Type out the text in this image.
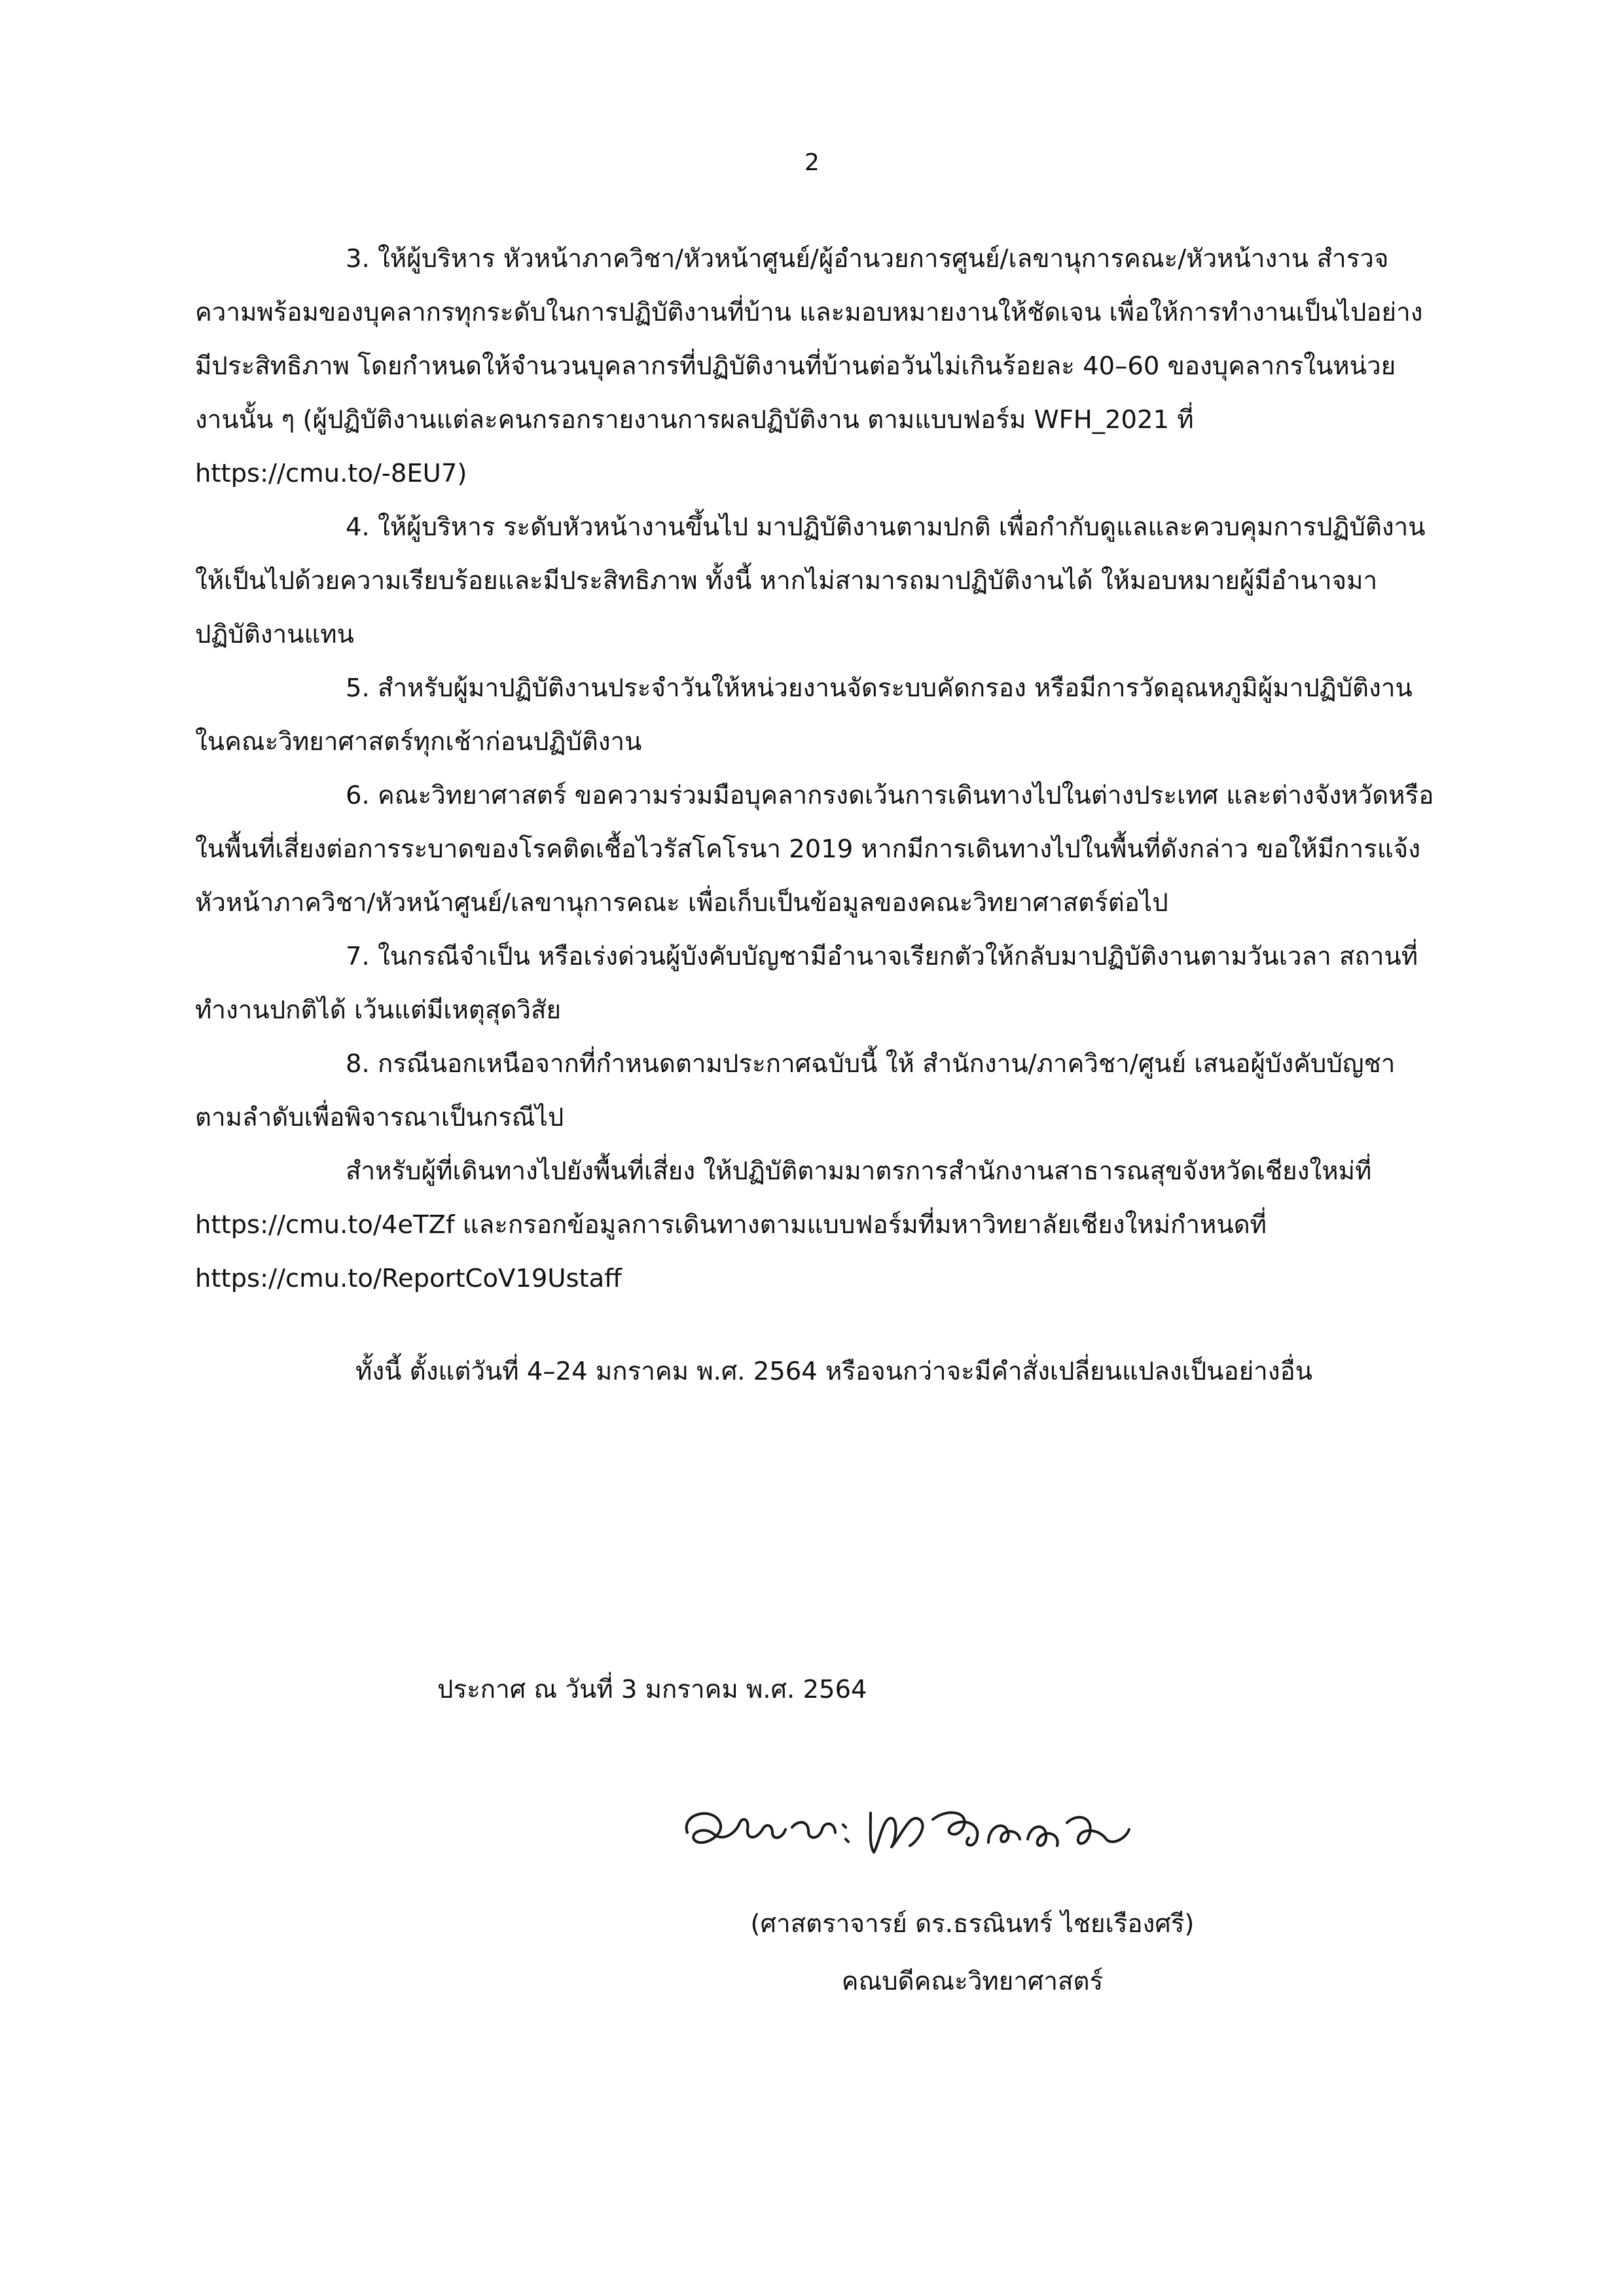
2

3. ให้ผู้บริหาร หัวหน้าภาควิชา/หัวหน้าศูนย์/ผู้อำนวยการศูนย์/เลขานุการคณะ/หัวหน้างาน สำรวจความพร้อมของบุคลากรทุกระดับในการปฏิบัติงานที่บ้าน และมอบหมายงานให้ชัดเจน เพื่อให้การทำงานเป็นไปอย่างมีประสิทธิภาพ โดยกำหนดให้จำนวนบุคลากรที่ปฏิบัติงานที่บ้านต่อวันไม่เกินร้อยละ 40–60 ของบุคลากรในหน่วยงานนั้น ๆ (ผู้ปฏิบัติงานแต่ละคนกรอกรายงานการผลปฏิบัติงาน ตามแบบฟอร์ม WFH_2021 ที่ https://cmu.to/-8EU7)

4. ให้ผู้บริหาร ระดับหัวหน้างานขึ้นไป มาปฏิบัติงานตามปกติ เพื่อกำกับดูแลและควบคุมการปฏิบัติงานให้เป็นไปด้วยความเรียบร้อยและมีประสิทธิภาพ ทั้งนี้ หากไม่สามารถมาปฏิบัติงานได้ ให้มอบหมายผู้มีอำนาจมาปฏิบัติงานแทน

5. สำหรับผู้มาปฏิบัติงานประจำวันให้หน่วยงานจัดระบบคัดกรอง หรือมีการวัดอุณหภูมิผู้มาปฏิบัติงานในคณะวิทยาศาสตร์ทุกเช้าก่อนปฏิบัติงาน

6. คณะวิทยาศาสตร์ ขอความร่วมมือบุคลากรงดเว้นการเดินทางไปในต่างประเทศ และต่างจังหวัดหรือในพื้นที่เสี่ยงต่อการระบาดของโรคติดเชื้อไวรัสโคโรนา 2019 หากมีการเดินทางไปในพื้นที่ดังกล่าว ขอให้มีการแจ้งหัวหน้าภาควิชา/หัวหน้าศูนย์/เลขานุการคณะ เพื่อเก็บเป็นข้อมูลของคณะวิทยาศาสตร์ต่อไป

7. ในกรณีจำเป็น หรือเร่งด่วนผู้บังคับบัญชามีอำนาจเรียกตัวให้กลับมาปฏิบัติงานตามวันเวลา สถานที่ทำงานปกติได้ เว้นแต่มีเหตุสุดวิสัย

8. กรณีนอกเหนือจากที่กำหนดตามประกาศฉบับนี้ ให้ สำนักงาน/ภาควิชา/ศูนย์ เสนอผู้บังคับบัญชาตามลำดับเพื่อพิจารณาเป็นกรณีไป

สำหรับผู้ที่เดินทางไปยังพื้นที่เสี่ยง ให้ปฏิบัติตามมาตรการสำนักงานสาธารณสุขจังหวัดเชียงใหม่ที่ https://cmu.to/4eTZf และกรอกข้อมูลการเดินทางตามแบบฟอร์มที่มหาวิทยาลัยเชียงใหม่กำหนดที่ https://cmu.to/ReportCoV19Ustaff

ทั้งนี้ ตั้งแต่วันที่ 4–24 มกราคม พ.ศ. 2564 หรือจนกว่าจะมีคำสั่งเปลี่ยนแปลงเป็นอย่างอื่น

ประกาศ ณ วันที่ 3 มกราคม พ.ศ. 2564
(ศาสตราจารย์ ดร.ธรณินทร์ ไชยเรืองศรี)
คณบดีคณะวิทยาศาสตร์
